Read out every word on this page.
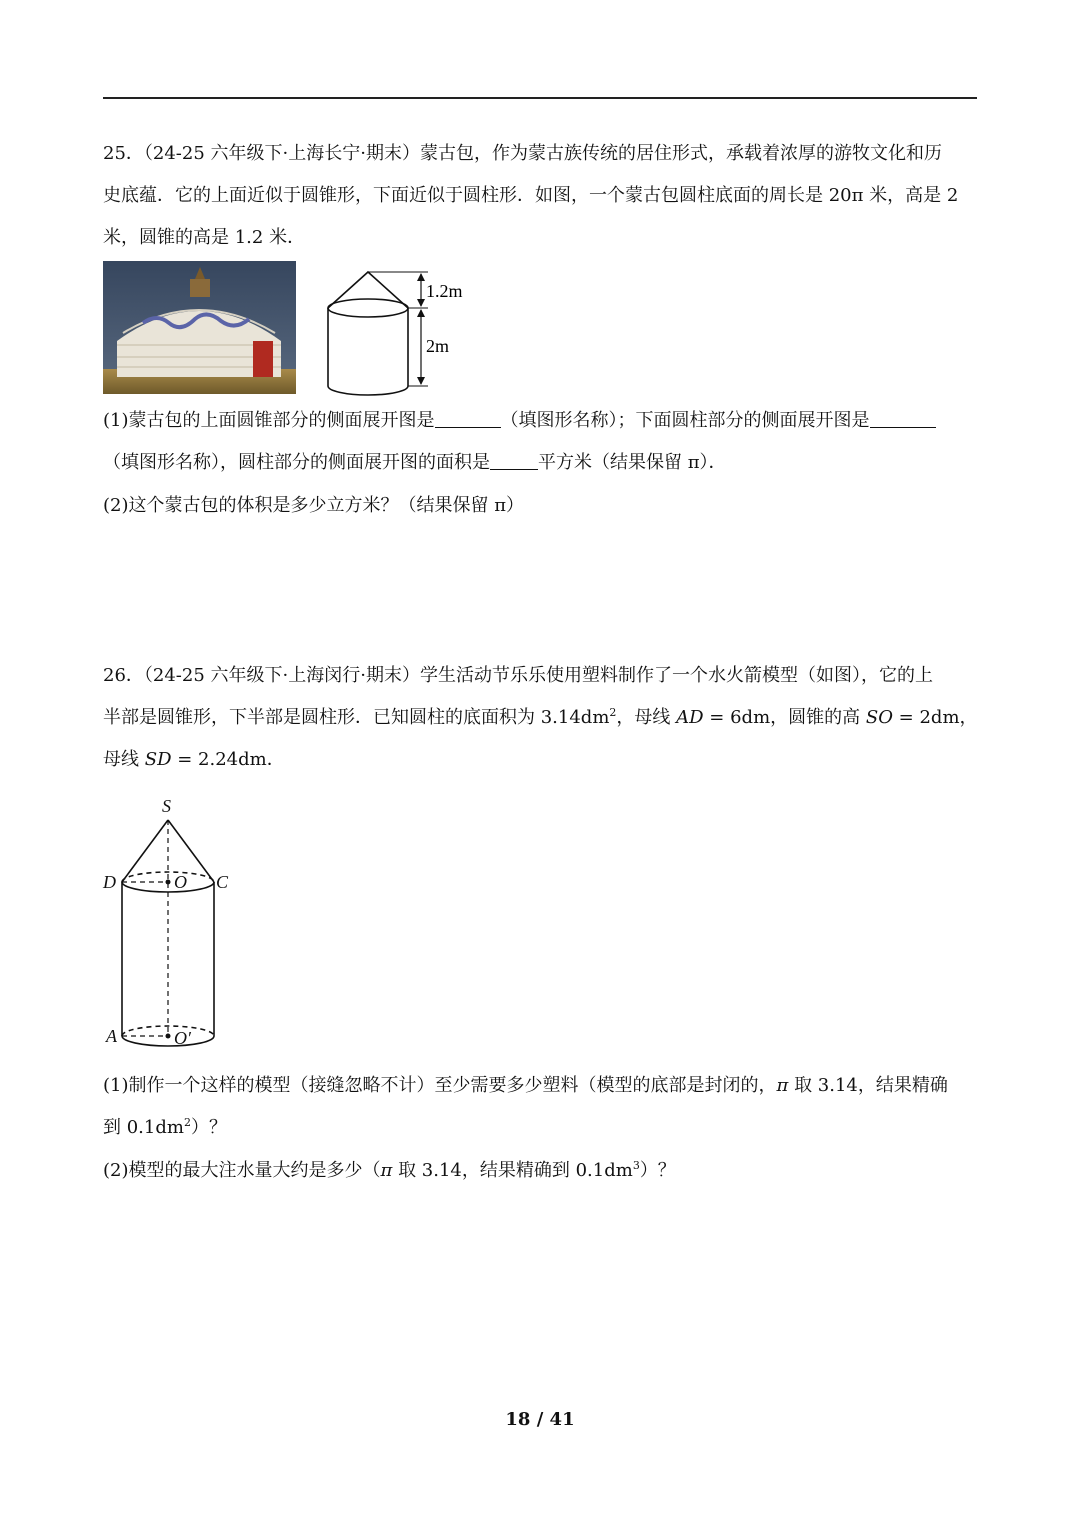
25．（24-25 六年级下·上海长宁·期末）蒙古包，作为蒙古族传统的居住形式，承载着浓厚的游牧文化和历
史底蕴．它的上面近似于圆锥形，下面近似于圆柱形．如图，一个蒙古包圆柱底面的周长是 20π 米，高是 2
米，圆锥的高是 1.2 米．
1.2m
2m
(1)蒙古包的上面圆锥部分的侧面展开图是	（填图形名称）；下面圆柱部分的侧面展开图是
（填图形名称），圆柱部分的侧面展开图的面积是	平方米（结果保留 π）．
(2)这个蒙古包的体积是多少立方米？（结果保留 π）
26．（24-25 六年级下·上海闵行·期末）学生活动节乐乐使用塑料制作了一个水火箭模型（如图），它的上
半部是圆锥形，下半部是圆柱形．已知圆柱的底面积为 $3.14dm^2$，母线 AD = 6dm，圆锥的高 SO = 2dm，
母线 SD = 2.24dm．
S
D	O C
A	O′
(1)制作一个这样的模型（接缝忽略不计）至少需要多少塑料（模型的底部是封闭的，π 取 3.14，结果精确
到 $0.1dm^2$）？
(2)模型的最大注水量大约是多少（π 取 3.14，结果精确到 $0.1dm^3$）？
18 / 41
